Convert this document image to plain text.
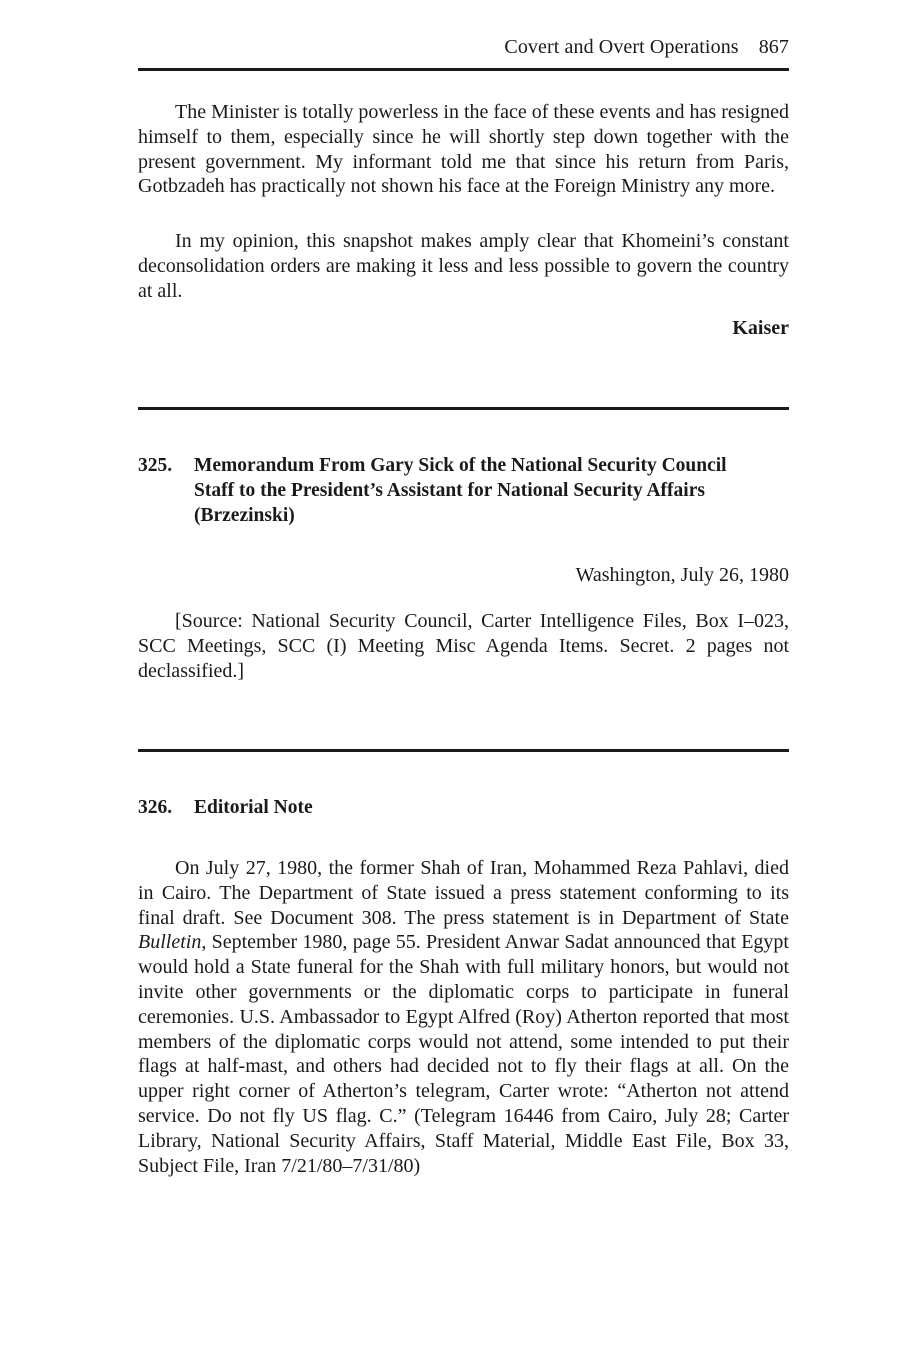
Covert and Overt Operations 867

The Minister is totally powerless in the face of these events and has resigned himself to them, especially since he will shortly step down together with the present government. My informant told me that since his return from Paris, Gotbzadeh has practically not shown his face at the Foreign Ministry any more.

In my opinion, this snapshot makes amply clear that Khomeini’s constant deconsolidation orders are making it less and less possible to govern the country at all.

Kaiser
325. Memorandum From Gary Sick of the National Security Council Staff to the President’s Assistant for National Security Affairs (Brzezinski)
Washington, July 26, 1980

[Source: National Security Council, Carter Intelligence Files, Box I–023, SCC Meetings, SCC (I) Meeting Misc Agenda Items. Secret. 2 pages not declassified.]

326. Editorial Note

On July 27, 1980, the former Shah of Iran, Mohammed Reza Pahlavi, died in Cairo. The Department of State issued a press statement conforming to its final draft. See Document 308. The press statement is in Department of State Bulletin, September 1980, page 55. President Anwar Sadat announced that Egypt would hold a State funeral for the Shah with full military honors, but would not invite other governments or the diplomatic corps to participate in funeral ceremonies. U.S. Ambassador to Egypt Alfred (Roy) Atherton reported that most members of the diplomatic corps would not attend, some intended to put their flags at half-mast, and others had decided not to fly their flags at all. On the upper right corner of Atherton’s telegram, Carter wrote: “Atherton not attend service. Do not fly US flag. C.” (Telegram 16446 from Cairo, July 28; Carter Library, National Security Affairs, Staff Material, Middle East File, Box 33, Subject File, Iran 7/21/80–7/31/80)
